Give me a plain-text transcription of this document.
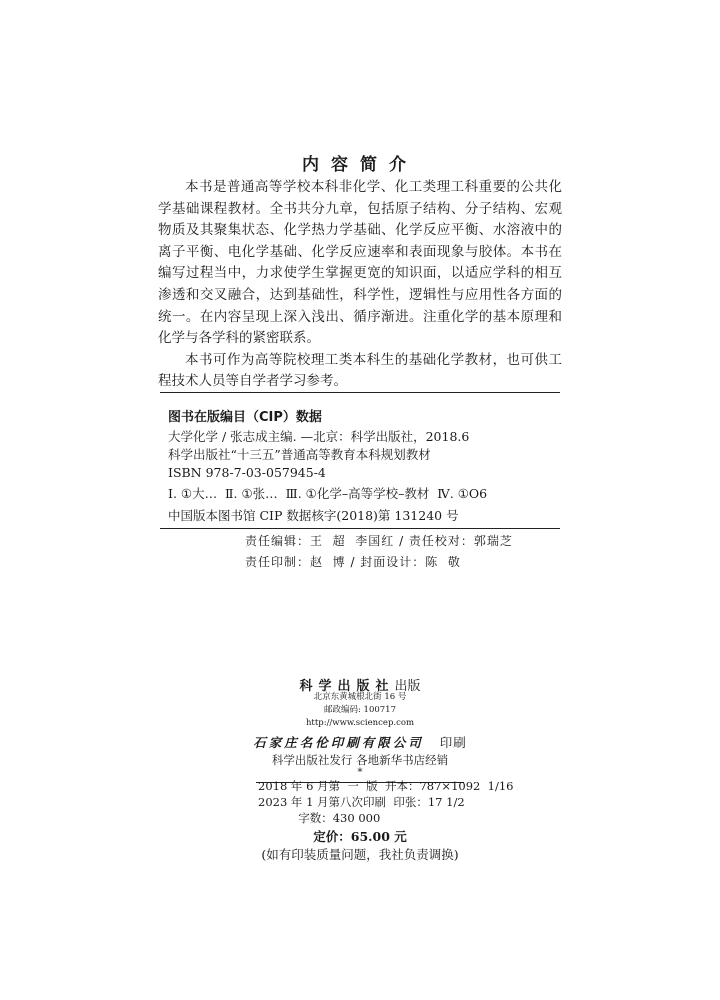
内容简介

本书是普通高等学校本科非化学、化工类理工科重要的公共化学基础课程教材。全书共分九章，包括原子结构、分子结构、宏观物质及其聚集状态、化学热力学基础、化学反应平衡、水溶液中的离子平衡、电化学基础、化学反应速率和表面现象与胶体。本书在编写过程当中，力求使学生掌握更宽的知识面，以适应学科的相互渗透和交叉融合，达到基础性，科学性，逻辑性与应用性各方面的统一。在内容呈现上深入浅出、循序渐进。注重化学的基本原理和化学与各学科的紧密联系。

本书可作为高等院校理工类本科生的基础化学教材，也可供工程技术人员等自学者学习参考。

图书在版编目（CIP）数据
大学化学 / 张志成主编. —北京：科学出版社，2018.6
科学出版社“十三五”普通高等教育本科规划教材
ISBN 978-7-03-057945-4
Ⅰ. ①大…  Ⅱ. ①张…  Ⅲ. ①化学–高等学校–教材  Ⅳ. ①O6
中国版本图书馆 CIP 数据核字(2018)第 131240 号
责任编辑：王  超  李国红 / 责任校对：郭瑞芝
责任印制：赵  博 / 封面设计：陈  敬
科学出版社出版
北京东黄城根北街 16 号
邮政编码: 100717
http://www.sciencep.com
石家庄名伦印刷有限公司 印刷
科学出版社发行 各地新华书店经销
*
2018 年 6 月第  一  版  开本：787×1092  1/16
2023 年 1 月第八次印刷  印张：17 1/2
字数：430 000
定价：65.00 元
(如有印装质量问题，我社负责调换)
